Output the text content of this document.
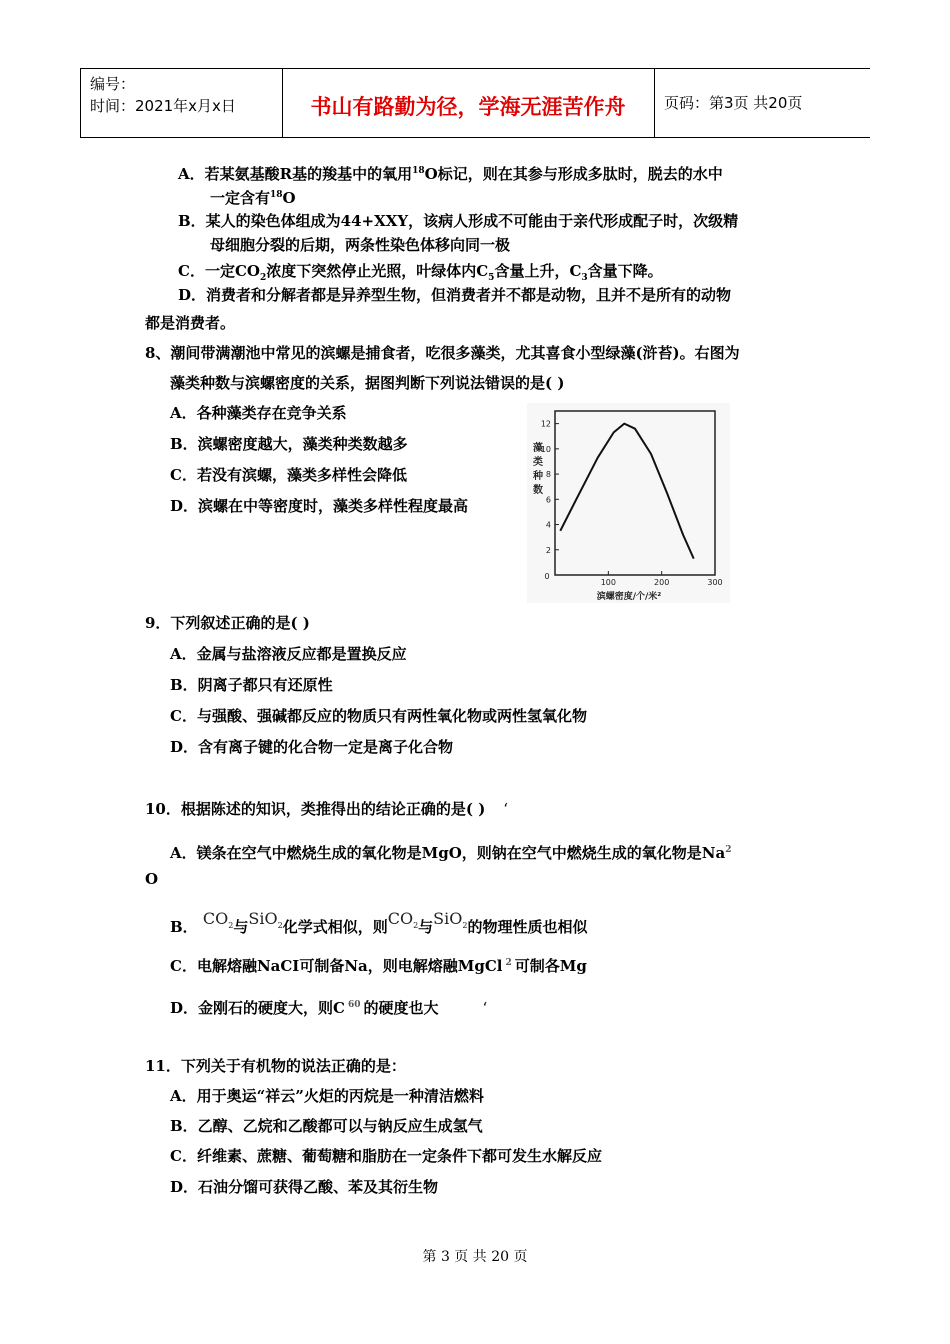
编号：
时间：2021年x月x日	书山有路勤为径，学海无涯苦作舟	页码：第3页 共20页
A．若某氨基酸R基的羧基中的氧用$^{18}$O标记，则在其参与形成多肽时，脱去的水中
一定含有$^{18}$O
B．某人的染色体组成为44+XXY，该病人形成不可能由于亲代形成配子时，次级精
母细胞分裂的后期，两条性染色体移向同一极
C．一定$CO_2$浓度下突然停止光照，叶绿体内$C_5$含量上升，$C_3$含量下降。
D．消费者和分解者都是异养型生物，但消费者并不都是动物，且并不是所有的动物
都是消费者。
8、潮间带满潮池中常见的滨螺是捕食者，吃很多藻类，尤其喜食小型绿藻(浒苔)。右图为
藻类种数与滨螺密度的关系，据图判断下列说法错误的是( )
A．各种藻类存在竞争关系
B．滨螺密度越大，藻类种类数越多
C．若没有滨螺，藻类多样性会降低
D．滨螺在中等密度时，藻类多样性程度最高
2
4
6
8
10
12
100	200	300
0
藻
类
种
数
滨螺密度/个/米²
9．下列叙述正确的是( )
A．金属与盐溶液反应都是置换反应
B．阴离子都只有还原性
C．与强酸、强碱都反应的物质只有两性氧化物或两性氢氧化物
D．含有离子键的化合物一定是离子化合物
10．根据陈述的知识，类推得出的结论正确的是( ) ‘
A．镁条在空气中燃烧生成的氧化物是MgO，则钠在空气中燃烧生成的氧化物是Na$^2$
O
B． $CO_2$与SiO$_2$化学式相似，则$CO_2$与SiO$_2$的物理性质也相似
C．电解熔融NaCI可制备Na，则电解熔融MgCl $^2$ 可制各Mg
D．金刚石的硬度大，则C $^{60}$ 的硬度也大	‘
11．下列关于有机物的说法正确的是：
A．用于奥运“祥云”火炬的丙烷是一种清洁燃料
B．乙醇、乙烷和乙酸都可以与钠反应生成氢气
C．纤维素、蔗糖、葡萄糖和脂肪在一定条件下都可发生水解反应
D．石油分馏可获得乙酸、苯及其衍生物
第 3 页 共 20 页
